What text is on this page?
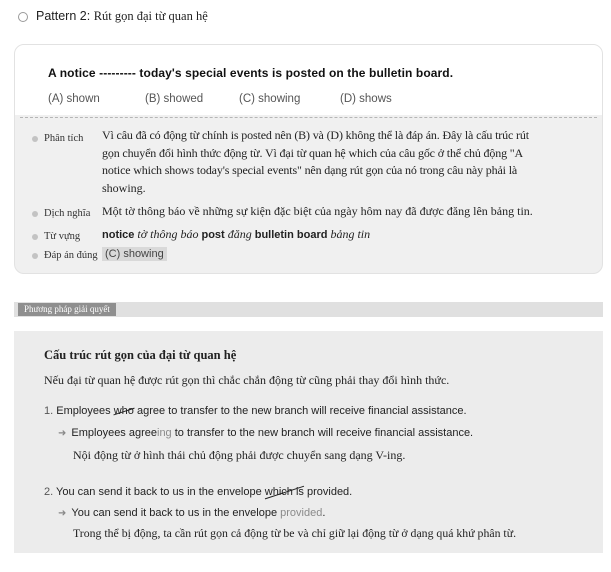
Pattern 2: Rút gọn đại từ quan hệ
A notice --------- today's special events is posted on the bulletin board.
(A) shown	(B) showed	(C) showing	(D) shows
Phân tích Vì câu đã có động từ chính is posted nên (B) và (D) không thể là đáp án. Đây là cấu trúc rút
gọn chuyển đổi hình thức động từ. Vì đại từ quan hệ which của câu gốc ở thể chủ động "A
notice which shows today's special events" nên dạng rút gọn của nó trong câu này phải là
showing.
Dịch nghĩa Một tờ thông báo về những sự kiện đặc biệt của ngày hôm nay đã được đăng lên bảng tin.
Từ vựng notice tờ thông báo post đăng bulletin board bảng tin
Đáp án đúng (C) showing
Phương pháp giải quyết
Cấu trúc rút gọn của đại từ quan hệ
Nếu đại từ quan hệ được rút gọn thì chắc chắn động từ cũng phải thay đổi hình thức.
1. Employees who agree to transfer to the new branch will receive financial assistance.
➜ Employees agreeing to transfer to the new branch will receive financial assistance.
Nội động từ ở hình thái chủ động phải được chuyển sang dạng V-ing.
2. You can send it back to us in the envelope which is provided.
➜ You can send it back to us in the envelope provided.
Trong thể bị động, ta cần rút gọn cả động từ be và chỉ giữ lại động từ ở dạng quá khứ phân từ.
